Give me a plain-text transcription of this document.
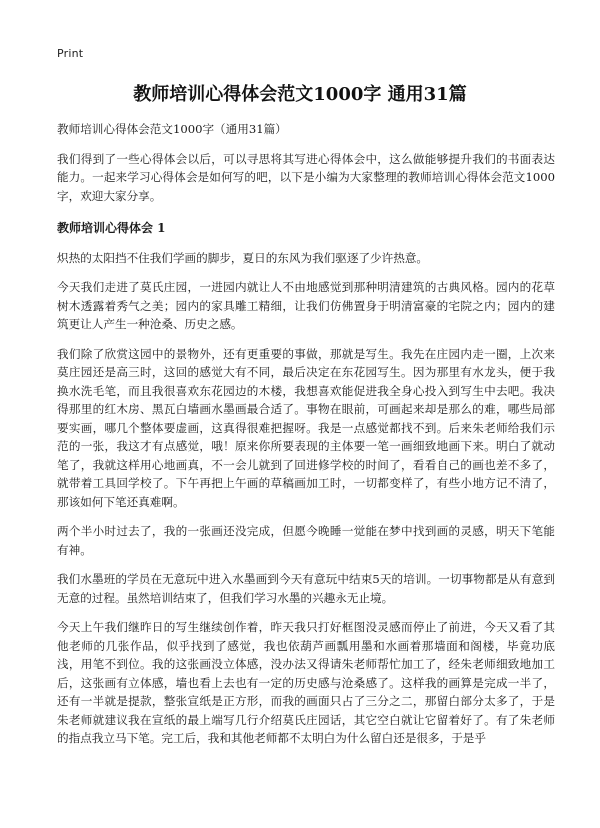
Print
教师培训心得体会范文1000字 通用31篇

教师培训心得体会范文1000字（通用31篇）

我们得到了一些心得体会以后，可以寻思将其写进心得体会中，这么做能够提升我们的书面表达能力。一起来学习心得体会是如何写的吧，以下是小编为大家整理的教师培训心得体会范文1000字，欢迎大家分享。

教师培训心得体会 1

炽热的太阳挡不住我们学画的脚步，夏日的东风为我们驱逐了少许热意。

今天我们走进了莫氏庄园，一进园内就让人不由地感觉到那种明清建筑的古典风格。园内的花草树木透露着秀气之美；园内的家具雕工精细，让我们仿佛置身于明清富豪的宅院之内；园内的建筑更让人产生一种沧桑、历史之感。

我们除了欣赏这园中的景物外，还有更重要的事做，那就是写生。我先在庄园内走一圈，上次来莫庄园还是高三时，这回的感觉大有不同，最后决定在东花园写生。因为那里有水龙头，便于我换水洗毛笔，而且我很喜欢东花园边的木楼，我想喜欢能促进我全身心投入到写生中去吧。我决得那里的红木房、黑瓦白墙画水墨画最合适了。事物在眼前，可画起来却是那么的难，哪些局部要实画，哪几个整体要虚画，这真得很难把握呀。我是一点感觉都找不到。后来朱老师给我们示范的一张，我这才有点感觉，哦！原来你所要表现的主体要一笔一画细致地画下来。明白了就动笔了，我就这样用心地画真，不一会儿就到了回进修学校的时间了，看看自己的画也差不多了，就带着工具回学校了。下午再把上午画的草稿画加工时，一切都变样了，有些小地方记不清了，那该如何下笔还真难啊。

两个半小时过去了，我的一张画还没完成，但愿今晚睡一觉能在梦中找到画的灵感，明天下笔能有神。

我们水墨班的学员在无意玩中进入水墨画到今天有意玩中结束5天的培训。一切事物都是从有意到无意的过程。虽然培训结束了，但我们学习水墨的兴趣永无止境。

今天上午我们继昨日的写生继续创作着，昨天我只打好框图没灵感而停止了前进，今天又看了其他老师的几张作品，似乎找到了感觉，我也依葫芦画瓢用墨和水画着那墙面和阁楼，毕竟功底浅，用笔不到位。我的这张画没立体感，没办法又得请朱老师帮忙加工了，经朱老师细致地加工后，这张画有立体感，墙也看上去也有一定的历史感与沧桑感了。这样我的画算是完成一半了，还有一半就是提款，整张宣纸是正方形，而我的画面只占了三分之二，那留白部分太多了，于是朱老师就建议我在宣纸的最上端写几行介绍莫氏庄园话，其它空白就让它留着好了。有了朱老师的指点我立马下笔。完工后，我和其他老师都不太明白为什么留白还是很多，于是乎
